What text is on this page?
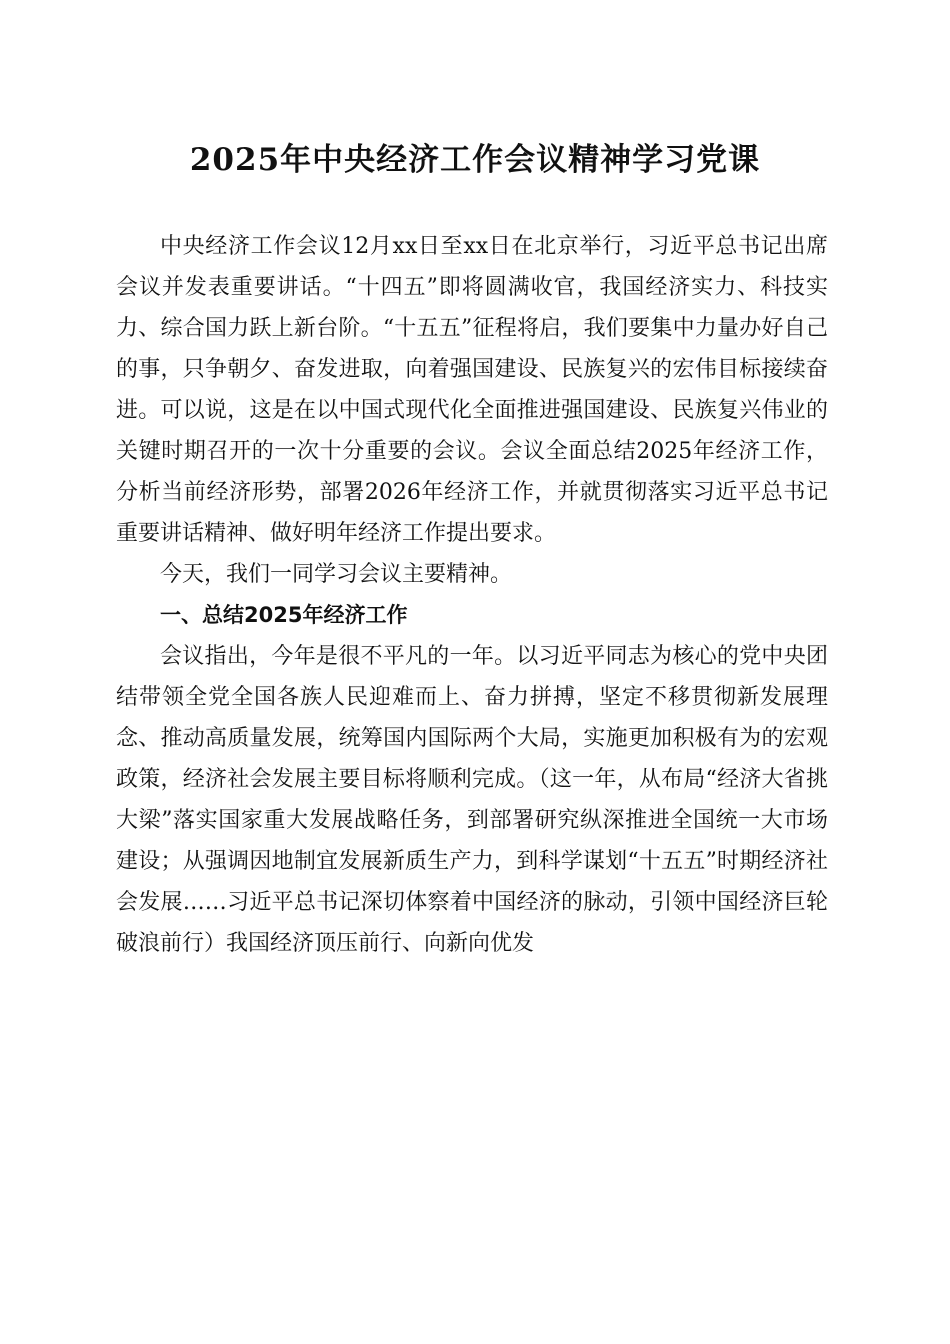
2025年中央经济工作会议精神学习党课

中央经济工作会议12月xx日至xx日在北京举行，习近平总书记出席会议并发表重要讲话。“十四五”即将圆满收官，我国经济实力、科技实力、综合国力跃上新台阶。“十五五”征程将启，我们要集中力量办好自己的事，只争朝夕、奋发进取，向着强国建设、民族复兴的宏伟目标接续奋进。可以说，这是在以中国式现代化全面推进强国建设、民族复兴伟业的关键时期召开的一次十分重要的会议。会议全面总结2025年经济工作，分析当前经济形势，部署2026年经济工作，并就贯彻落实习近平总书记重要讲话精神、做好明年经济工作提出要求。

今天，我们一同学习会议主要精神。

一、总结2025年经济工作

会议指出，今年是很不平凡的一年。以习近平同志为核心的党中央团结带领全党全国各族人民迎难而上、奋力拼搏，坚定不移贯彻新发展理念、推动高质量发展，统筹国内国际两个大局，实施更加积极有为的宏观政策，经济社会发展主要目标将顺利完成。（这一年，从布局“经济大省挑大梁”落实国家重大发展战略任务，到部署研究纵深推进全国统一大市场建设；从强调因地制宜发展新质生产力，到科学谋划“十五五”时期经济社会发展……习近平总书记深切体察着中国经济的脉动，引领中国经济巨轮破浪前行）我国经济顶压前行、向新向优发
